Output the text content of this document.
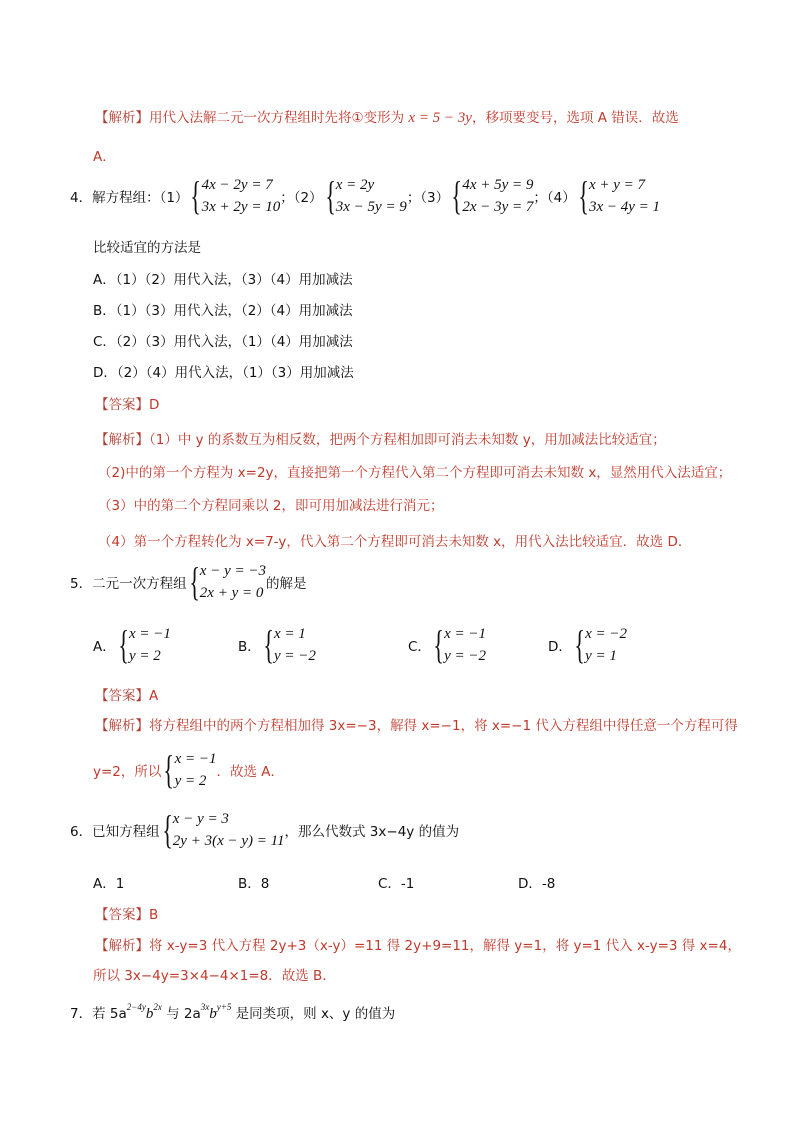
【解析】用代入法解二元一次方程组时先将①变形为 x = 5 − 3y，移项要变号，选项 A 错误．故选
A．
4． 解方程组：（1） { 4x − 2y = 7
3x + 2y = 10
；（2） { x = 2y
3x − 5y = 9
；（3） { 4x + 5y = 9
2x − 3y = 7
；（4） { x + y = 7
3x − 4y = 1
比较适宜的方法是
A．（1）（2）用代入法，（3）（4）用加减法
B．（1）（3）用代入法，（2）（4）用加减法
C．（2）（3）用代入法，（1）（4）用加减法
D．（2）（4）用代入法，（1）（3）用加减法
【答案】D
【解析】（1）中 y 的系数互为相反数，把两个方程相加即可消去未知数 y，用加减法比较适宜；
（2)中的第一个方程为 x=2y，直接把第一个方程代入第二个方程即可消去未知数 x，显然用代入法适宜；
（3）中的第二个方程同乘以 2，即可用加减法进行消元；
（4）第一个方程转化为 x=7-y，代入第二个方程即可消去未知数 x，用代入法比较适宜．故选 D．
5． 二元一次方程组 { x − y = −3
2x + y = 0
的解是
A． { x = −1
y = 2
B． { x = 1
y = −2
C． { x = −1
y = −2
D． { x = −2
y = 1
【答案】A
【解析】将方程组中的两个方程相加得 3x=−3，解得 x=−1，将 x=−1 代入方程组中得任意一个方程可得
y=2，所以 { x = −1
y = 2
．故选 A．
6． 已知方程组 { x − y = 3
2y + 3(x − y) = 11
，那么代数式 3x−4y 的值为
A．1	B．8	C．-1	D．-8
【答案】B
【解析】将 x-y=3 代入方程 2y+3（x-y）=11 得 2y+9=11，解得 y=1，将 y=1 代入 x-y=3 得 x=4，
所以 3x−4y=3×4−4×1=8．故选 B．
7．若 $5a^{2-4y}b^{2x}$ 与 $2a^{3x}b^{y+5}$ 是同类项，则 x、y 的值为
